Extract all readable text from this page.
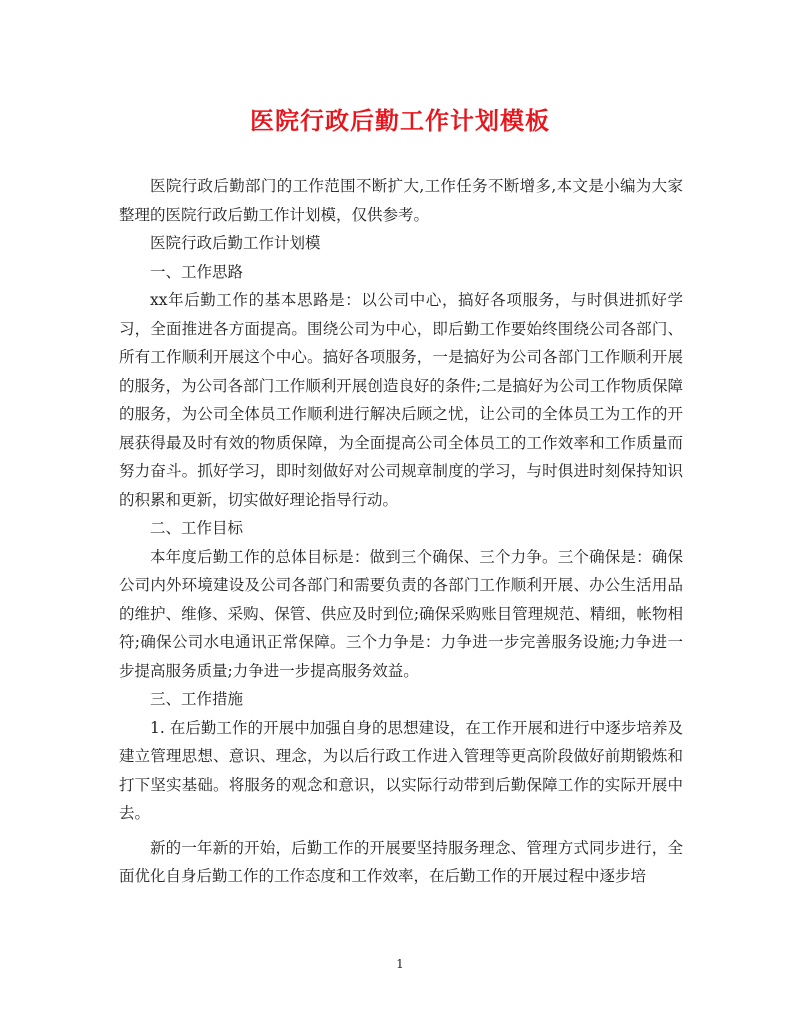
医院行政后勤工作计划模板

医院行政后勤部门的工作范围不断扩大,工作任务不断增多,本文是小编为大家整理的医院行政后勤工作计划模，仅供参考。

医院行政后勤工作计划模

一、工作思路

xx年后勤工作的基本思路是：以公司中心，搞好各项服务，与时俱进抓好学习，全面推进各方面提高。围绕公司为中心，即后勤工作要始终围绕公司各部门、所有工作顺利开展这个中心。搞好各项服务，一是搞好为公司各部门工作顺利开展的服务，为公司各部门工作顺利开展创造良好的条件;二是搞好为公司工作物质保障的服务，为公司全体员工作顺利进行解决后顾之忧，让公司的全体员工为工作的开展获得最及时有效的物质保障，为全面提高公司全体员工的工作效率和工作质量而努力奋斗。抓好学习，即时刻做好对公司规章制度的学习，与时俱进时刻保持知识的积累和更新，切实做好理论指导行动。

二、工作目标

本年度后勤工作的总体目标是：做到三个确保、三个力争。三个确保是：确保公司内外环境建设及公司各部门和需要负责的各部门工作顺利开展、办公生活用品的维护、维修、采购、保管、供应及时到位;确保采购账目管理规范、精细，帐物相符;确保公司水电通讯正常保障。三个力争是：力争进一步完善服务设施;力争进一步提高服务质量;力争进一步提高服务效益。

三、工作措施

1. 在后勤工作的开展中加强自身的思想建设，在工作开展和进行中逐步培养及建立管理思想、意识、理念，为以后行政工作进入管理等更高阶段做好前期锻炼和打下坚实基础。将服务的观念和意识，以实际行动带到后勤保障工作的实际开展中去。

新的一年新的开始，后勤工作的开展要坚持服务理念、管理方式同步进行，全面优化自身后勤工作的工作态度和工作效率，在后勤工作的开展过程中逐步培

1
